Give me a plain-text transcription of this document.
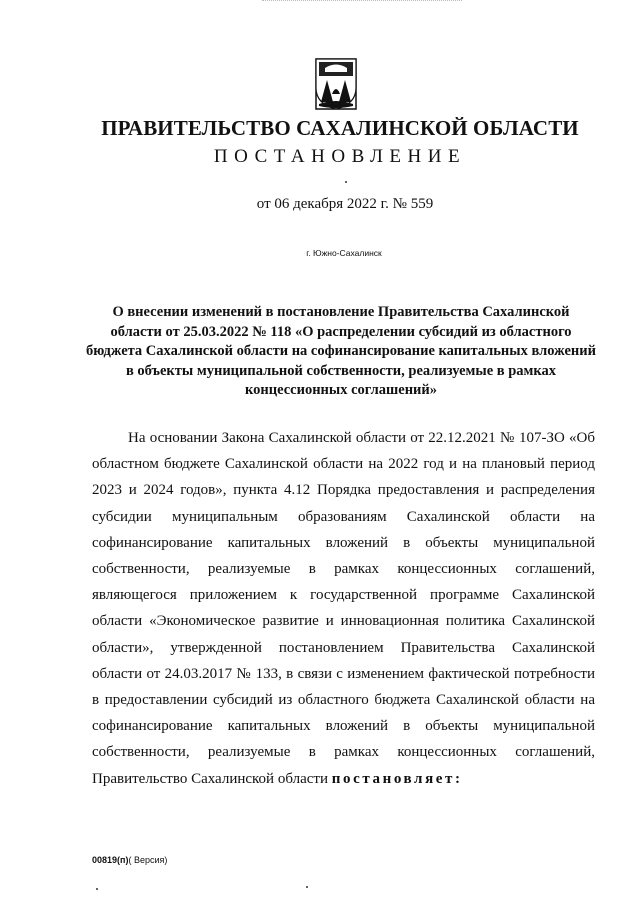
ПРАВИТЕЛЬСТВО САХАЛИНСКОЙ ОБЛАСТИ
ПОСТАНОВЛЕНИЕ
от 06 декабря 2022 г. № 559
г. Южно-Сахалинск
О внесении изменений в постановление Правительства Сахалинской области от 25.03.2022 № 118 «О распределении субсидий из областного бюджета Сахалинской области на софинансирование капитальных вложений в объекты муниципальной собственности, реализуемые в рамках концессионных соглашений»

На основании Закона Сахалинской области от 22.12.2021 № 107-ЗО «Об областном бюджете Сахалинской области на 2022 год и на плановый период 2023 и 2024 годов», пункта 4.12 Порядка предоставления и распределения субсидии муниципальным образованиям Сахалинской области на софинансирование капитальных вложений в объекты муниципальной собственности, реализуемые в рамках концессионных соглашений, являющегося приложением к государственной программе Сахалинской области «Экономическое развитие и инновационная политика Сахалинской области», утвержденной постановлением Правительства Сахалинской области от 24.03.2017 № 133, в связи с изменением фактической потребности в предоставлении субсидий из областного бюджета Сахалинской области на софинансирование капитальных вложений в объекты муниципальной собственности, реализуемые в рамках концессионных соглашений, Правительство Сахалинской области постановляет:

00819(п)( Версия)
